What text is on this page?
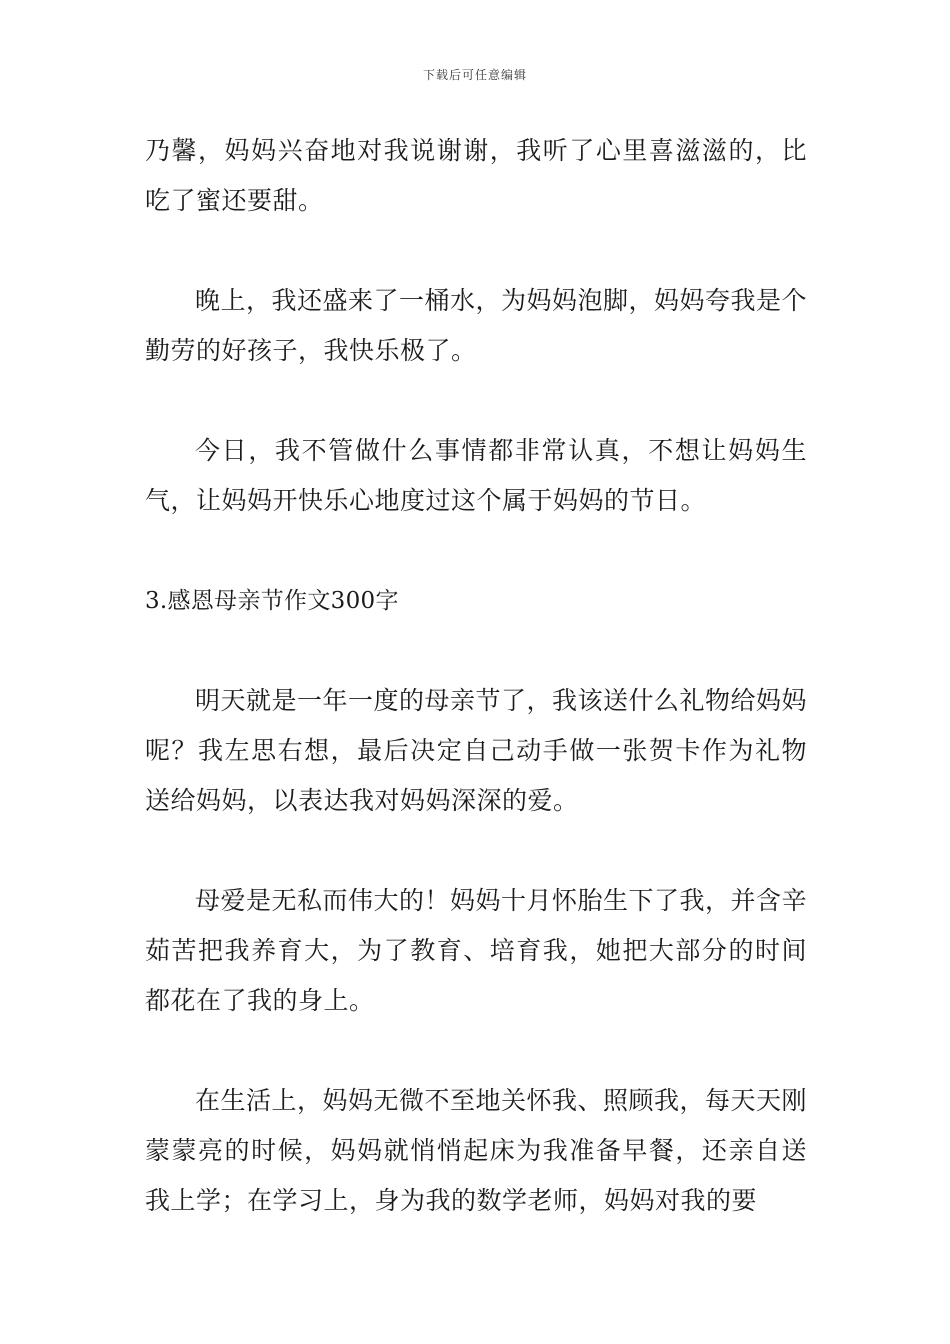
下载后可任意编辑

乃馨，妈妈兴奋地对我说谢谢，我听了心里喜滋滋的，比吃了蜜还要甜。

晚上，我还盛来了一桶水，为妈妈泡脚，妈妈夸我是个勤劳的好孩子，我快乐极了。

今日，我不管做什么事情都非常认真，不想让妈妈生气，让妈妈开快乐心地度过这个属于妈妈的节日。

3.感恩母亲节作文300字

明天就是一年一度的母亲节了，我该送什么礼物给妈妈呢？我左思右想，最后决定自己动手做一张贺卡作为礼物送给妈妈，以表达我对妈妈深深的爱。

母爱是无私而伟大的！妈妈十月怀胎生下了我，并含辛茹苦把我养育大，为了教育、培育我，她把大部分的时间都花在了我的身上。

在生活上，妈妈无微不至地关怀我、照顾我，每天天刚蒙蒙亮的时候，妈妈就悄悄起床为我准备早餐，还亲自送我上学；在学习上，身为我的数学老师，妈妈对我的要
